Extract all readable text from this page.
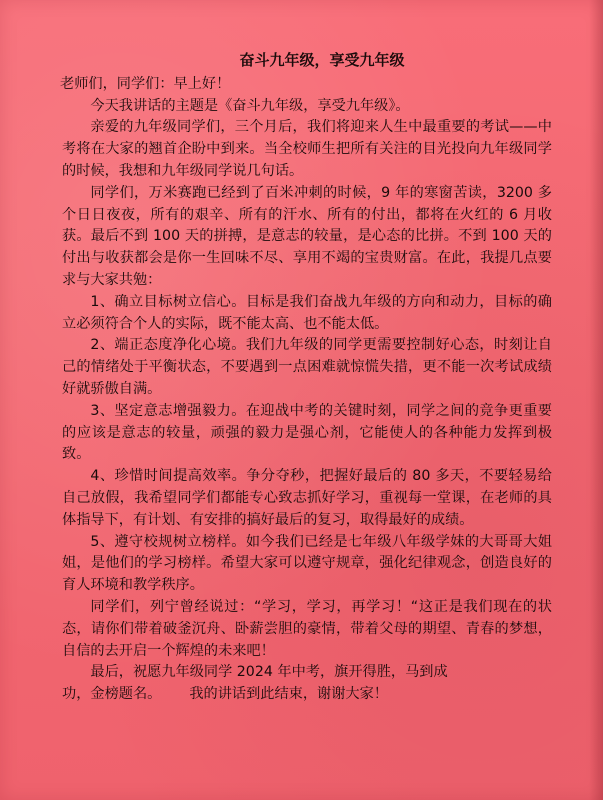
奋斗九年级，享受九年级
老师们，同学们：早上好！

今天我讲话的主题是《奋斗九年级，享受九年级》。

亲爱的九年级同学们，三个月后，我们将迎来人生中最重要的考试——中考将在大家的翘首企盼中到来。当全校师生把所有关注的目光投向九年级同学的时候，我想和九年级同学说几句话。

同学们，万米赛跑已经到了百米冲刺的时候，9 年的寒窗苦读，3200 多个日日夜夜，所有的艰辛、所有的汗水、所有的付出，都将在火红的 6 月收获。最后不到 100 天的拼搏，是意志的较量，是心态的比拼。不到 100 天的付出与收获都会是你一生回味不尽、享用不竭的宝贵财富。在此，我提几点要求与大家共勉：

1、确立目标树立信心。目标是我们奋战九年级的方向和动力，目标的确立必须符合个人的实际，既不能太高、也不能太低。

2、端正态度净化心境。我们九年级的同学更需要控制好心态，时刻让自己的情绪处于平衡状态，不要遇到一点困难就惊慌失措，更不能一次考试成绩好就骄傲自满。

3、坚定意志增强毅力。在迎战中考的关键时刻，同学之间的竞争更重要的应该是意志的较量，顽强的毅力是强心剂，它能使人的各种能力发挥到极致。

4、珍惜时间提高效率。争分夺秒，把握好最后的 80 多天，不要轻易给自己放假，我希望同学们都能专心致志抓好学习，重视每一堂课，在老师的具体指导下，有计划、有安排的搞好最后的复习，取得最好的成绩。

5、遵守校规树立榜样。如今我们已经是七年级八年级学妹的大哥哥大姐姐，是他们的学习榜样。希望大家可以遵守规章，强化纪律观念，创造良好的育人环境和教学秩序。

同学们，列宁曾经说过：“学习，学习，再学习！“这正是我们现在的状态，请你们带着破釜沉舟、卧薪尝胆的豪情，带着父母的期望、青春的梦想，自信的去开启一个辉煌的未来吧！

最后，祝愿九年级同学 2024 年中考，旗开得胜，马到成

功，金榜题名。 我的讲话到此结束，谢谢大家！
